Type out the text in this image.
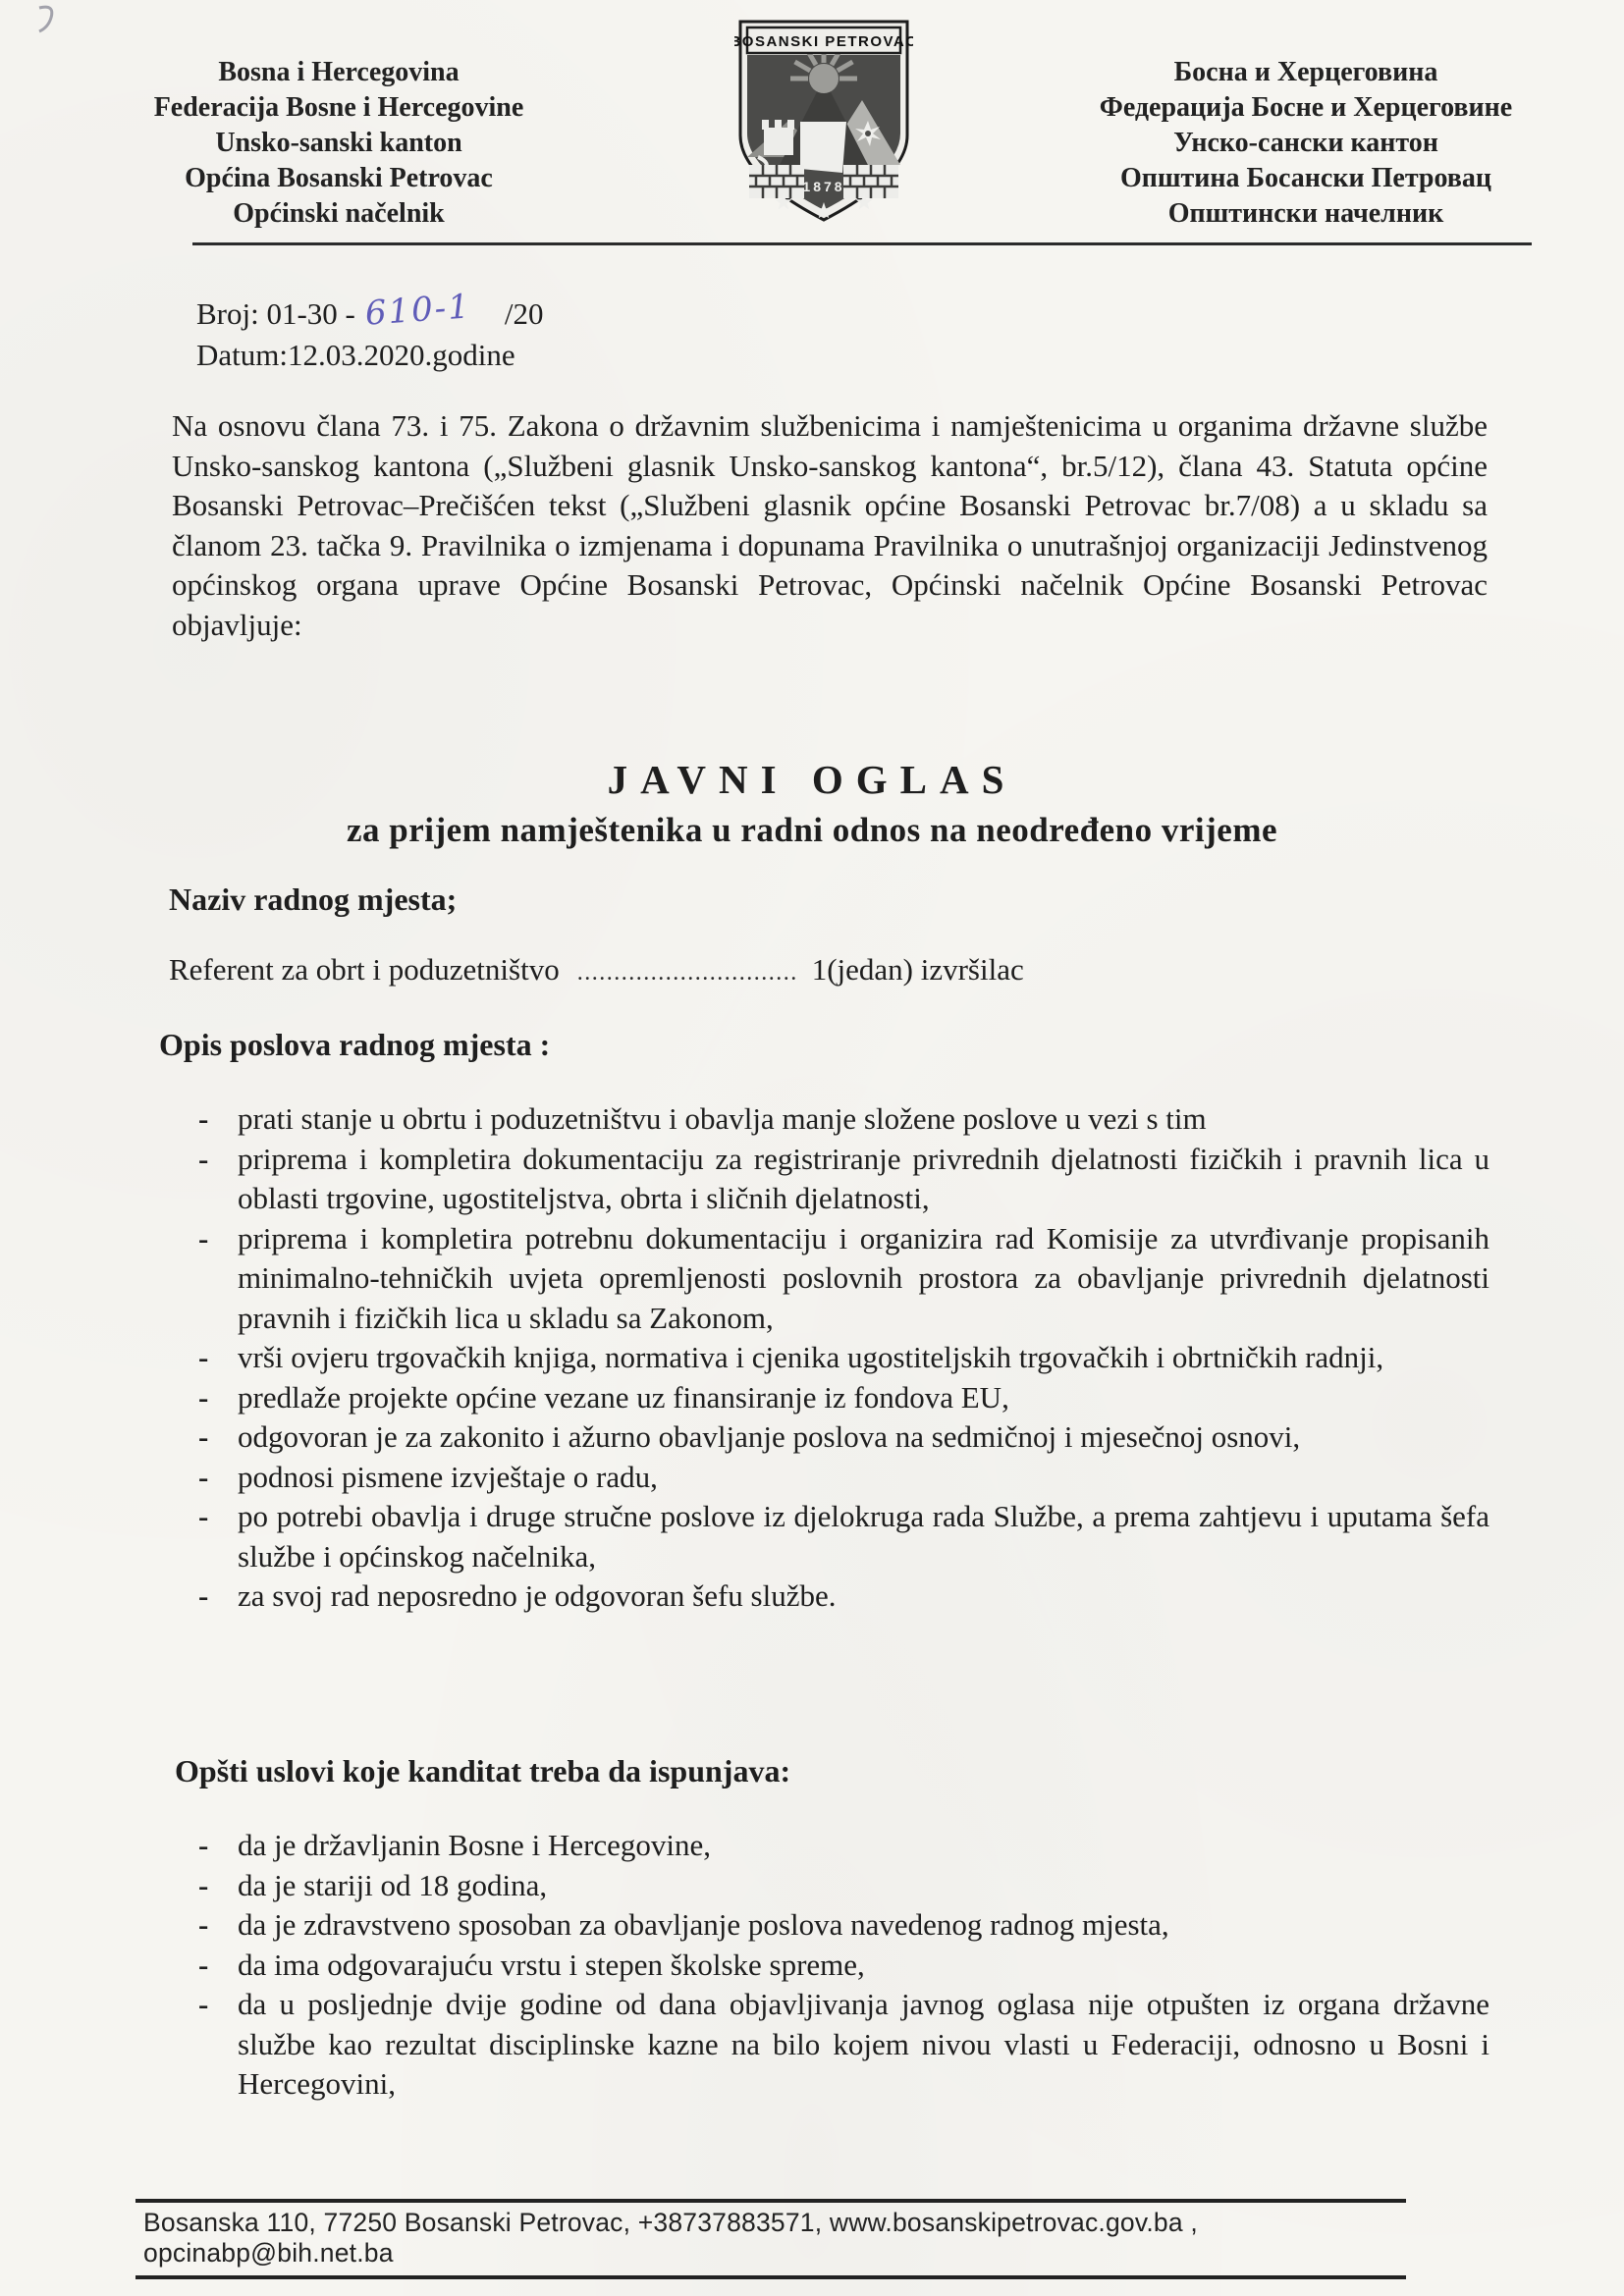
Bosna i Hercegovina
Federacija Bosne i Hercegovine
Unsko-sanski kanton
Općina Bosanski Petrovac
Općinski načelnik
1878
BOSANSKI PETROVAC
Босна и Херцеговина
Федерација Босне и Херцеговине
Унско-сански кантон
Општина Босански Петровац
Општински начелник
Broj: 01-30 - 610-1 /20
Datum:12.03.2020.godine

Na osnovu člana 73. i 75. Zakona o državnim službenicima i namještenicima u organima državne službe Unsko-sanskog kantona („Službeni glasnik Unsko-sanskog kantona“, br.5/12), člana 43. Statuta općine Bosanski Petrovac–Prečišćen tekst („Službeni glasnik općine Bosanski Petrovac br.7/08) a u skladu sa članom 23. tačka 9. Pravilnika o izmjenama i dopunama Pravilnika o unutrašnjoj organizaciji Jedinstvenog općinskog organa uprave Općine Bosanski Petrovac, Općinski načelnik Općine Bosanski Petrovac objavljuje:

JAVNI OGLAS
za prijem namještenika u radni odnos na neodređeno vrijeme
Naziv radnog mjesta;
Referent za obrt i poduzetništvo .............................. 1(jedan) izvršilac
Opis poslova radnog mjesta :
- prati stanje u obrtu i poduzetništvu i obavlja manje složene poslove u vezi s tim
- priprema i kompletira dokumentaciju za registriranje privrednih djelatnosti fizičkih i pravnih lica u oblasti trgovine, ugostiteljstva, obrta i sličnih djelatnosti,
- priprema i kompletira potrebnu dokumentaciju i organizira rad Komisije za utvrđivanje propisanih minimalno-tehničkih uvjeta opremljenosti poslovnih prostora za obavljanje privrednih djelatnosti pravnih i fizičkih lica u skladu sa Zakonom,
- vrši ovjeru trgovačkih knjiga, normativa i cjenika ugostiteljskih trgovačkih i obrtničkih radnji,
- predlaže projekte općine vezane uz finansiranje iz fondova EU,
- odgovoran je za zakonito i ažurno obavljanje poslova na sedmičnoj i mjesečnoj osnovi,
- podnosi pismene izvještaje o radu,
- po potrebi obavlja i druge stručne poslove iz djelokruga rada Službe, a prema zahtjevu i uputama šefa službe i općinskog načelnika,
- za svoj rad neposredno je odgovoran šefu službe.
Opšti uslovi koje kanditat treba da ispunjava:
- da je državljanin Bosne i Hercegovine,
- da je stariji od 18 godina,
- da je zdravstveno sposoban za obavljanje poslova navedenog radnog mjesta,
- da ima odgovarajuću vrstu i stepen školske spreme,
- da u posljednje dvije godine od dana objavljivanja javnog oglasa nije otpušten iz organa državne službe kao rezultat disciplinske kazne na bilo kojem nivou vlasti u Federaciji, odnosno u Bosni i Hercegovini,
Bosanska 110, 77250 Bosanski Petrovac, +38737883571, www.bosanskipetrovac.gov.ba , opcinabp@bih.net.ba
